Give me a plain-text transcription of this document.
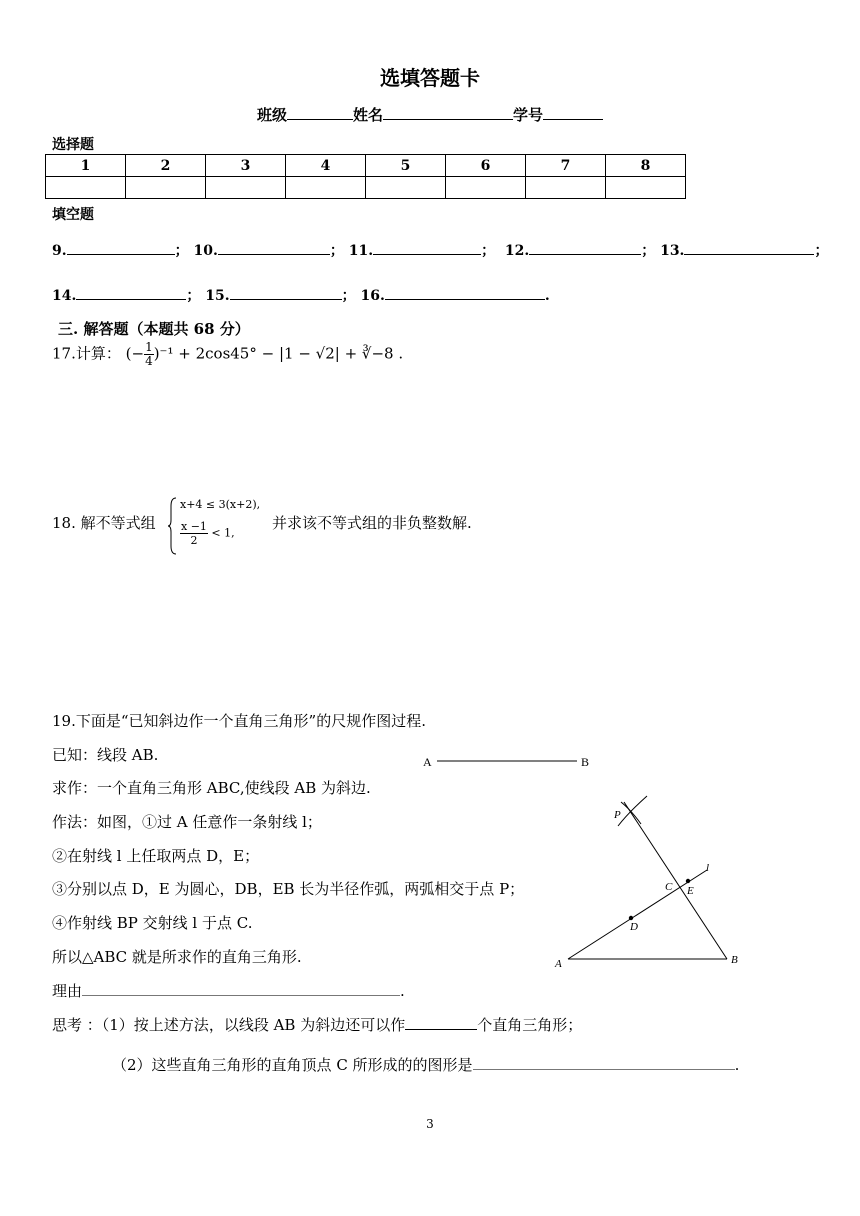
选填答题卡
班级	姓名	学号
选择题
1	2	3	4	5	6	7	8

填空题
9.	； 10.	； 11.	； 12.	； 13.	；
14.	； 15.	； 16.	.
三. 解答题（本题共 68 分）
17.计算： (− $\frac{1}{4} )^{-1} + 2\cos 45^\circ - |1 - √2|$ + ∛−8 .
18. 解不等式组
x+4 ≤ 3(x+2),
$\frac{x -1}{2} < 1$,
并求该不等式组的非负整数解.
19.下面是“已知斜边作一个直角三角形”的尺规作图过程.
已知：线段 AB.
求作：一个直角三角形 ABC,使线段 AB 为斜边.
作法：如图，①过 A 任意作一条射线 l；
②在射线 l 上任取两点 D，E；
③分别以点 D，E 为圆心，DB，EB 长为半径作弧，两弧相交于点 P；
④作射线 BP 交射线 l 于点 C.
所以△ABC 就是所求作的直角三角形.
理由	.
思考 ：（1）按上述方法，以线段 AB 为斜边还可以作	个直角三角形；
（2）这些直角三角形的直角顶点 C 所形成的的图形是	.
A	B
P
l
C E
D
A	B
3
